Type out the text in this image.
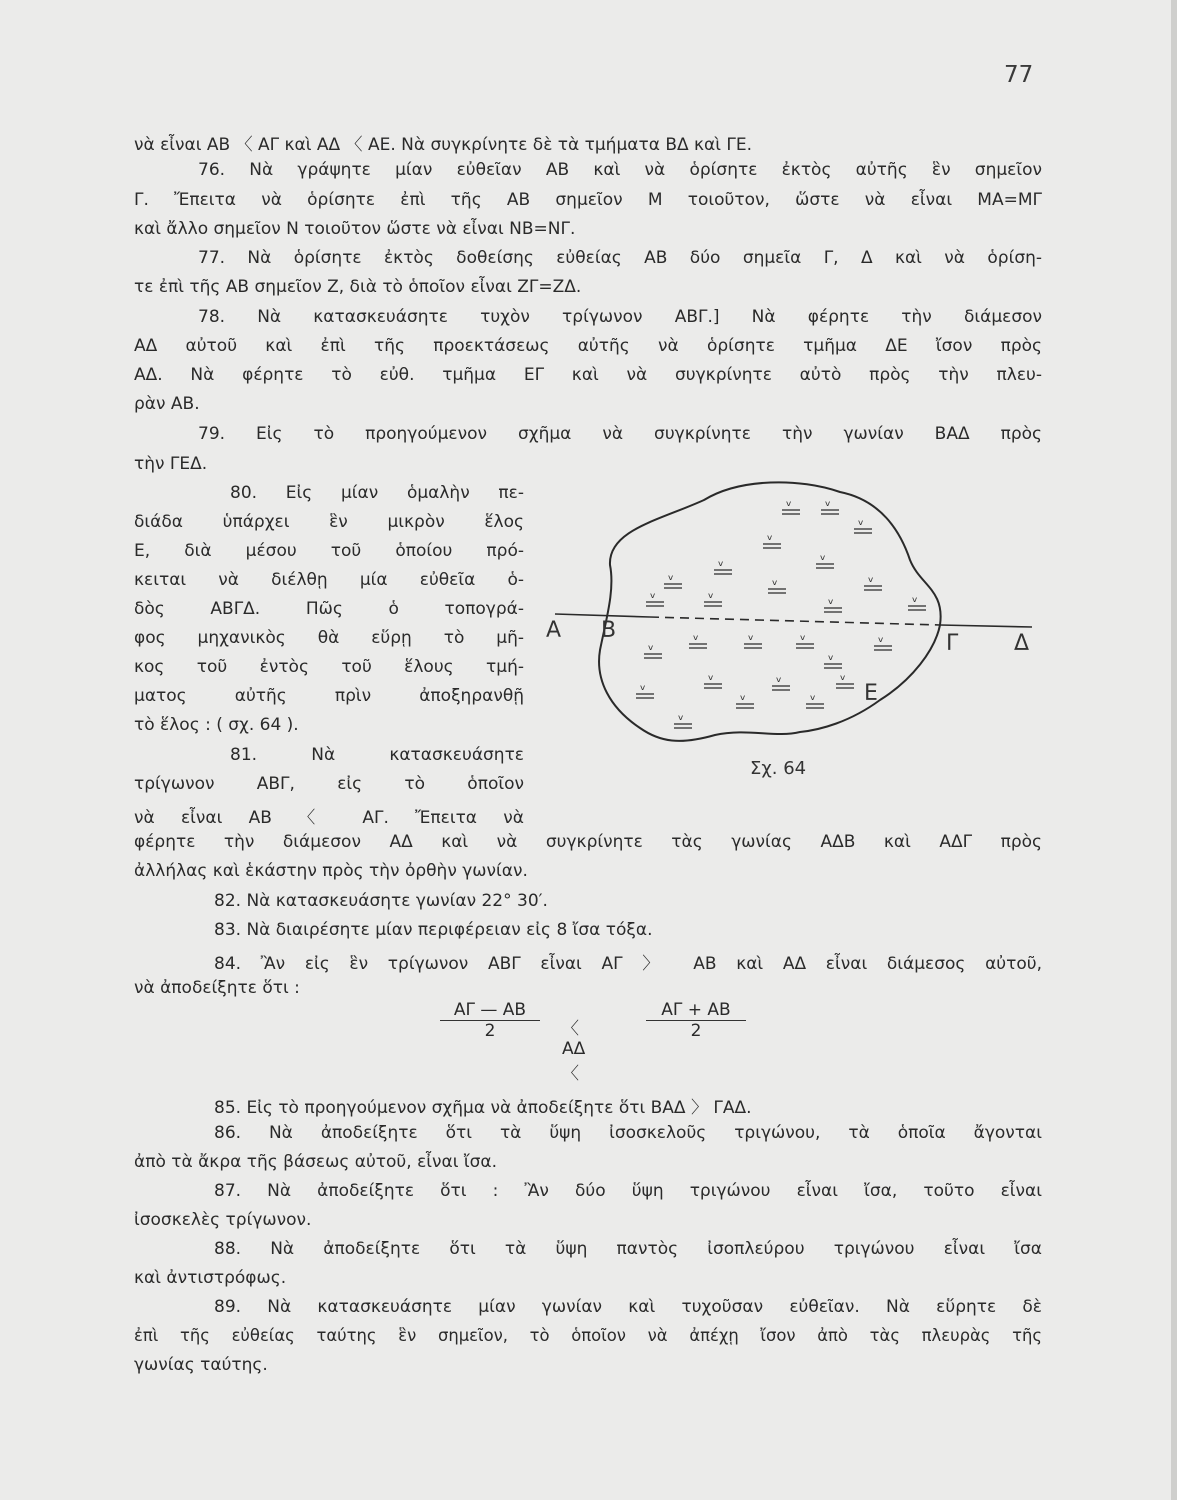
77
νὰ εἶναι ΑΒ 〈 ΑΓ καὶ ΑΔ 〈 ΑΕ. Νὰ συγκρίνητε δὲ τὰ τμήματα ΒΔ καὶ ΓΕ.
76. Νὰ γράψητε μίαν εὐθεῖαν ΑΒ καὶ νὰ ὁρίσητε ἐκτὸς αὐτῆς ἓν σημεῖον
Γ. Ἔπειτα νὰ ὁρίσητε ἐπὶ τῆς ΑΒ σημεῖον Μ τοιοῦτον, ὥστε νὰ εἶναι ΜΑ=ΜΓ
καὶ ἄλλο σημεῖον Ν τοιοῦτον ὥστε νὰ εἶναι ΝΒ=ΝΓ.
77. Νὰ ὁρίσητε ἐκτὸς δοθείσης εὐθείας ΑΒ δύο σημεῖα Γ, Δ καὶ νὰ ὁρίση-
τε ἐπὶ τῆς ΑΒ σημεῖον Ζ, διὰ τὸ ὁποῖον εἶναι ΖΓ=ΖΔ.
78. Νὰ κατασκευάσητε τυχὸν τρίγωνον ΑΒΓ.] Νὰ φέρητε τὴν διάμεσον
ΑΔ αὐτοῦ καὶ ἐπὶ τῆς προεκτάσεως αὐτῆς νὰ ὁρίσητε τμῆμα ΔΕ ἴσον πρὸς
ΑΔ. Νὰ φέρητε τὸ εὐθ. τμῆμα ΕΓ καὶ νὰ συγκρίνητε αὐτὸ πρὸς τὴν πλευ-
ρὰν ΑΒ.
79. Εἰς τὸ προηγούμενον σχῆμα νὰ συγκρίνητε τὴν γωνίαν ΒΑΔ πρὸς
τὴν ΓΕΔ.
80. Εἰς μίαν ὁμαλὴν πε-
διάδα ὑπάρχει ἓν μικρὸν ἕλος
Ε, διὰ μέσου τοῦ ὁποίου πρό-
κειται νὰ διέλθῃ μία εὐθεῖα ὁ-
δὸς ΑΒΓΔ. Πῶς ὁ τοπογρά-
φος μηχανικὸς θὰ εὕρῃ τὸ μῆ-
κος τοῦ ἐντὸς τοῦ ἕλους τμή-
ματος αὐτῆς πρὶν ἀποξηρανθῇ
τὸ ἕλος : ( σχ. 64 ).
81. Νὰ κατασκευάσητε
τρίγωνον ΑΒΓ, εἰς τὸ ὁποῖον
νὰ εἶναι ΑΒ 〈 ΑΓ. Ἔπειτα νὰ
φέρητε τὴν διάμεσον ΑΔ καὶ νὰ συγκρίνητε τὰς γωνίας ΑΔΒ καὶ ΑΔΓ πρὸς
ἀλλήλας καὶ ἑκάστην πρὸς τὴν ὀρθὴν γωνίαν.
82. Νὰ κατασκευάσητε γωνίαν 22° 30′.
83. Νὰ διαιρέσητε μίαν περιφέρειαν εἰς 8 ἴσα τόξα.
84. Ἂν εἰς ἓν τρίγωνον ΑΒΓ εἶναι ΑΓ 〉 ΑΒ καὶ ΑΔ εἶναι διάμεσος αὐτοῦ,
νὰ ἀποδείξητε ὅτι :
85. Εἰς τὸ προηγούμενον σχῆμα νὰ ἀποδείξητε ὅτι ΒΑΔ 〉 ΓΑΔ.
86. Νὰ ἀποδείξητε ὅτι τὰ ὕψη ἰσοσκελοῦς τριγώνου, τὰ ὁποῖα ἄγονται
ἀπὸ τὰ ἄκρα τῆς βάσεως αὐτοῦ, εἶναι ἴσα.
87. Νὰ ἀποδείξητε ὅτι : Ἂν δύο ὕψη τριγώνου εἶναι ἴσα, τοῦτο εἶναι
ἰσοσκελὲς τρίγωνον.
88. Νὰ ἀποδείξητε ὅτι τὰ ὕψη παντὸς ἰσοπλεύρου τριγώνου εἶναι ἴσα
καὶ ἀντιστρόφως.
89. Νὰ κατασκευάσητε μίαν γωνίαν καὶ τυχοῦσαν εὐθεῖαν. Νὰ εὕρητε δὲ
ἐπὶ τῆς εὐθείας ταύτης ἓν σημεῖον, τὸ ὁποῖον νὰ ἀπέχῃ ἴσον ἀπὸ τὰς πλευρὰς τῆς
γωνίας ταύτης.
$\frac{A\Gamma — AB}{2}$ 〈 ΑΔ 〈
$\frac{A\Gamma + AB}{2}$
Α Β
Γ	Δ
Ε
Σχ. 64
ᵥ ᵥ
ᵥ
ᵥ
ᵥ	ᵥ
ᵥ	ᵥ
ᵥ
ᵥ	ᵥ	ᵥ	ᵥ
ᵥ	ᵥ	ᵥ	ᵥ
ᵥ
ᵥ
ᵥ	ᵥ	ᵥ
ᵥ
ᵥ	ᵥ
ᵥ
